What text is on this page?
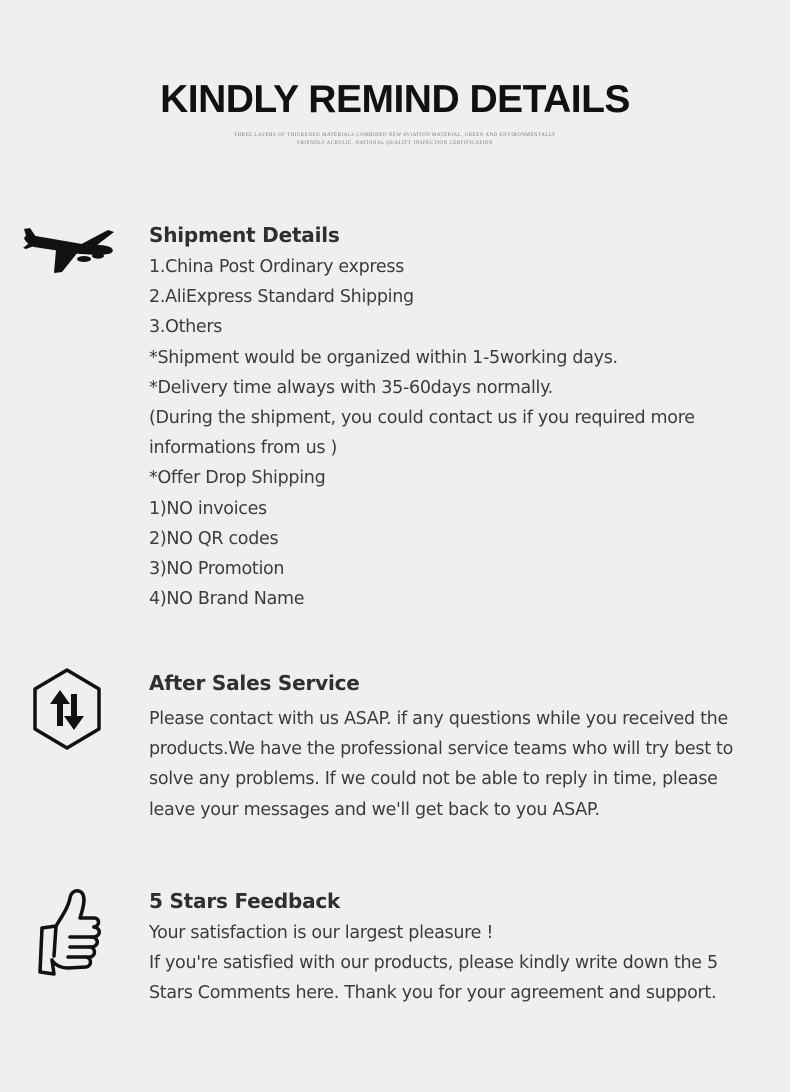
KINDLY REMIND DETAILS
THREE LAYERS OF THICKENED MATERIALS COMBINED NEW AVIATION MATERIAL, GREEN AND ENVIRONMENTALLY
FRIENDLY ACRYLIC, NATIONAL QUALITY INSPECTION CERTIFICATION
Shipment Details
1.China Post Ordinary express
2.AliExpress Standard Shipping
3.Others
*Shipment would be organized within 1-5working days.
*Delivery time always with 35-60days normally.
(During the shipment, you could contact us if you required more
informations from us )
*Offer Drop Shipping
1)NO invoices
2)NO QR codes
3)NO Promotion
4)NO Brand Name
After Sales Service

Please contact with us ASAP. if any questions while you received the
products.We have the professional service teams who will try best to
solve any problems. If we could not be able to reply in time, please
leave your messages and we'll get back to you ASAP.

5 Stars Feedback

Your satisfaction is our largest pleasure !
If you're satisfied with our products, please kindly write down the 5
Stars Comments here. Thank you for your agreement and support.
